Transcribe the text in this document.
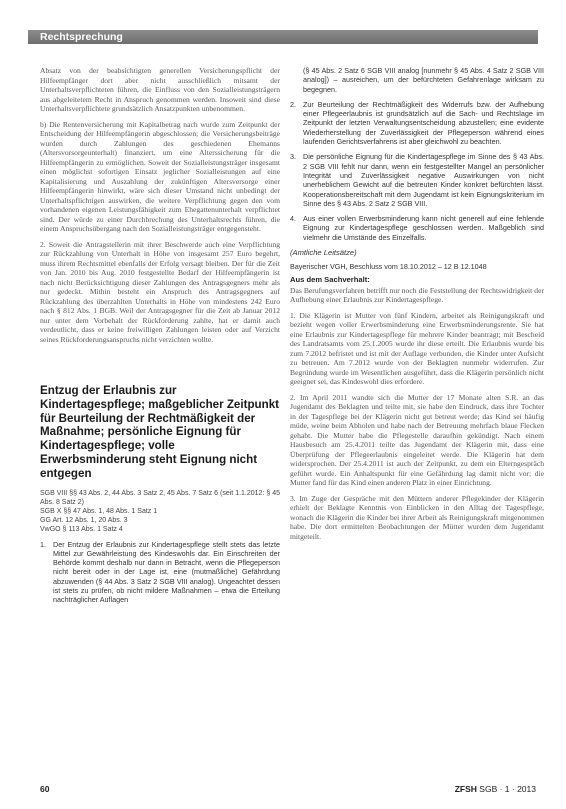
Rechtsprechung

Absatz von der beabsichtigten generellen Versicherungspflicht der Hilfeempfänger dort aber nicht ausschließlich mitsamt der Unterhaltsverpflichteten führen, die Einfluss von den Sozialleistungsträgern aus abgeleitetem Recht in Anspruch genommen werden. Insoweit sind diese Unterhaltsverpflichtete grundsätzlich Ansatzpunkten unbenommen.

b) Die Rentenversicherung mit Kapitalbetrag nach wurde zum Zeitpunkt der Entscheidung der Hilfeempfängerin abgeschlossen; die Versicherungsbeiträge wurden durch Zahlungen des geschiedenen Ehemanns (Altersvorsorgeunterhalt) finanziert, um eine Alterssicherung für die Hilfeempfängerin zu ermöglichen. Soweit der Sozialleistungsträger insgesamt einen möglichst sofortigen Einsatz jeglicher Sozialleistungen auf eine Kapitalisierung und Auszahlung der zukünftigen Altersversorge einer Hilfeempfängerin hinwirkt, wäre sich dieser Umstand nicht unbedingt der Unterhaltspflichtigen auswirken, die weitere Verpflichtung gegen den vom vorhandenen eigenen Leistungsfähigkeit zum Ehegattenunterhalt verpflichtet sind. Der würde zu einer Durchbrechung des Unterhaltsrechts führen, die einem Anspruchsübergang nach den Sozialleistungsträger entgegensteht.

2. Soweit die Antragstellerin mit ihrer Beschwerde auch eine Verpflichtung zur Rückzahlung von Unterhalt in Höhe von insgesamt 257 Euro begehrt, muss ihrem Rechtsmittel ebenfalls der Erfolg versagt bleiben. Der für die Zeit von Jan. 2010 bis Aug. 2010 festgestellte Bedarf der Hilfeempfängerin ist nach nicht Berücksichtigung dieser Zahlungen des Antragsgegners mehr als nur gedeckt. Mithin besteht ein Anspruch des Antragsgegners auf Rückzahlung des überzahlten Unterhalts in Höhe von mindestens 242 Euro nach § 812 Abs. 1 BGB. Weil der Antragsgegner für die Zeit ab Januar 2012 nur unter dem Vorbehalt der Rückforderung zahlte, hat er damit auch verdeutlicht, dass er keine freiwilligen Zahlungen leisten oder auf Verzicht seines Rückforderungsanspruchs nicht verzichten wollte.

Entzug der Erlaubnis zur Kindertagespflege; maßgeblicher Zeitpunkt für Beurteilung der Rechtmäßigkeit der Maßnahme; persönliche Eignung für Kindertagespflege; volle Erwerbsminderung steht Eignung nicht entgegen

SGB VIII §§ 43 Abs. 2, 44 Abs. 3 Satz 2, 45 Abs. 7 Satz 6 (seit 1.1.2012: § 45 Abs. 8 Satz 2)

SGB X §§ 47 Abs. 1, 48 Abs. 1 Satz 1

GG Art. 12 Abs. 1, 20 Abs. 3

VwGO § 113 Abs. 1 Satz 4

1. Der Entzug der Erlaubnis zur Kindertagespflege stellt stets das letzte Mittel zur Gewährleistung des Kindeswohls dar. Ein Einschreiten der Behörde kommt deshalb nur dann in Betracht, wenn die Pflegeperson nicht bereit oder in der Lage ist, eine (mutmaßliche) Gefährdung abzuwenden (§ 44 Abs. 3 Satz 2 SGB VIII analog). Ungeachtet dessen ist stets zu prüfen, ob nicht mildere Maßnahmen – etwa die Erteilung nachträglicher Auflagen

(§ 45 Abs. 2 Satz 6 SGB VIII analog [nunmehr § 45 Abs. 4 Satz 2 SGB VIII analog]) – ausreichen, um der befürchteten Gefahrenlage wirksam zu begegnen.

2. Zur Beurteilung der Rechtmäßigkeit des Widerrufs bzw. der Aufhebung einer Pflegeerlaubnis ist grundsätzlich auf die Sach- und Rechtslage im Zeitpunkt der letzten Verwaltungsentscheidung abzustellen; eine evidente Wiederherstellung der Zuverlässigkeit der Pflegeperson während eines laufenden Gerichtsverfahrens ist aber gleichwohl zu beachten.
3. Die persönliche Eignung für die Kindertagespflege im Sinne des § 43 Abs. 2 SGB VIII fehlt nur dann, wenn ein festgestellter Mangel an persönlicher Integrität und Zuverlässigkeit negative Auswirkungen von nicht unerheblichem Gewicht auf die betreuten Kinder konkret befürchten lässt. Kooperationsbereitschaft mit dem Jugendamt ist kein Eignungskriterium im Sinne des § 43 Abs. 2 Satz 2 SGB VIII.
4. Aus einer vollen Erwerbsminderung kann nicht generell auf eine fehlende Eignung zur Kindertagespflege geschlossen werden. Maßgeblich sind vielmehr die Umstände des Einzelfalls.

(Amtliche Leitsätze)

Bayerischer VGH, Beschluss vom 18.10.2012 – 12 B 12.1048

Aus dem Sachverhalt:

Das Berufungsverfahren betrifft nur noch die Feststellung der Rechtswidrigkeit der Aufhebung einer Erlaubnis zur Kindertagespflege.

1. Die Klägerin ist Mutter von fünf Kindern, arbeitet als Reinigungskraft und bezieht wegen voller Erwerbsminderung eine Erwerbsminderungsrente. Sie hat eine Erlaubnis zur Kindertagespflege für mehrere Kinder beantragt; mit Bescheid des Landratsamts vom 25.1.2005 wurde ihr diese erteilt. Die Erlaubnis wurde bis zum 7.2012 befristet und ist mit der Auflage verbunden, die Kinder unter Aufsicht zu betreuen. Am 7.2012 wurde von der Beklagten nunmehr widerrufen. Zur Begründung wurde im Wesentlichen ausgeführt, dass die Klägerin persönlich nicht geeignet sei, das Kindeswohl dies erfordere.

2. Im April 2011 wandte sich die Mutter der 17 Monate alten S.R. an das Jugendamt des Beklagten und teilte mit, sie habe den Eindruck, dass ihre Tochter in der Tagespflege bei der Klägerin nicht gut betreut werde; das Kind sei häufig müde, weine beim Abholen und habe nach der Betreuung mehrfach blaue Flecken gehabt. Die Mutter habe die Pflegestelle daraufhin gekündigt. Nach einem Hausbesuch am 25.4.2011 teilte das Jugendamt der Klägerin mit, dass eine Überprüfung der Pflegeerlaubnis eingeleitet werde. Die Klägerin hat dem widersprochen. Der 25.4.2011 ist auch der Zeitpunkt, zu dem ein Elterngespräch geführt wurde. Ein Anhaltspunkt für eine Gefährdung lag damit nicht vor; die Mutter fand für das Kind einen anderen Platz in einer Einrichtung.

3. Im Zuge der Gespräche mit den Müttern anderer Pflegekinder der Klägerin erhielt der Beklagte Kenntnis von Einblicken in den Alltag der Tagespflege, wonach die Klägerin die Kinder bei ihrer Arbeit als Reinigungskraft mitgenommen habe. Die dort ermittelten Beobachtungen der Mütter wurden dem Jugendamt mitgeteilt.

60	ZFSH SGB · 1 · 2013
